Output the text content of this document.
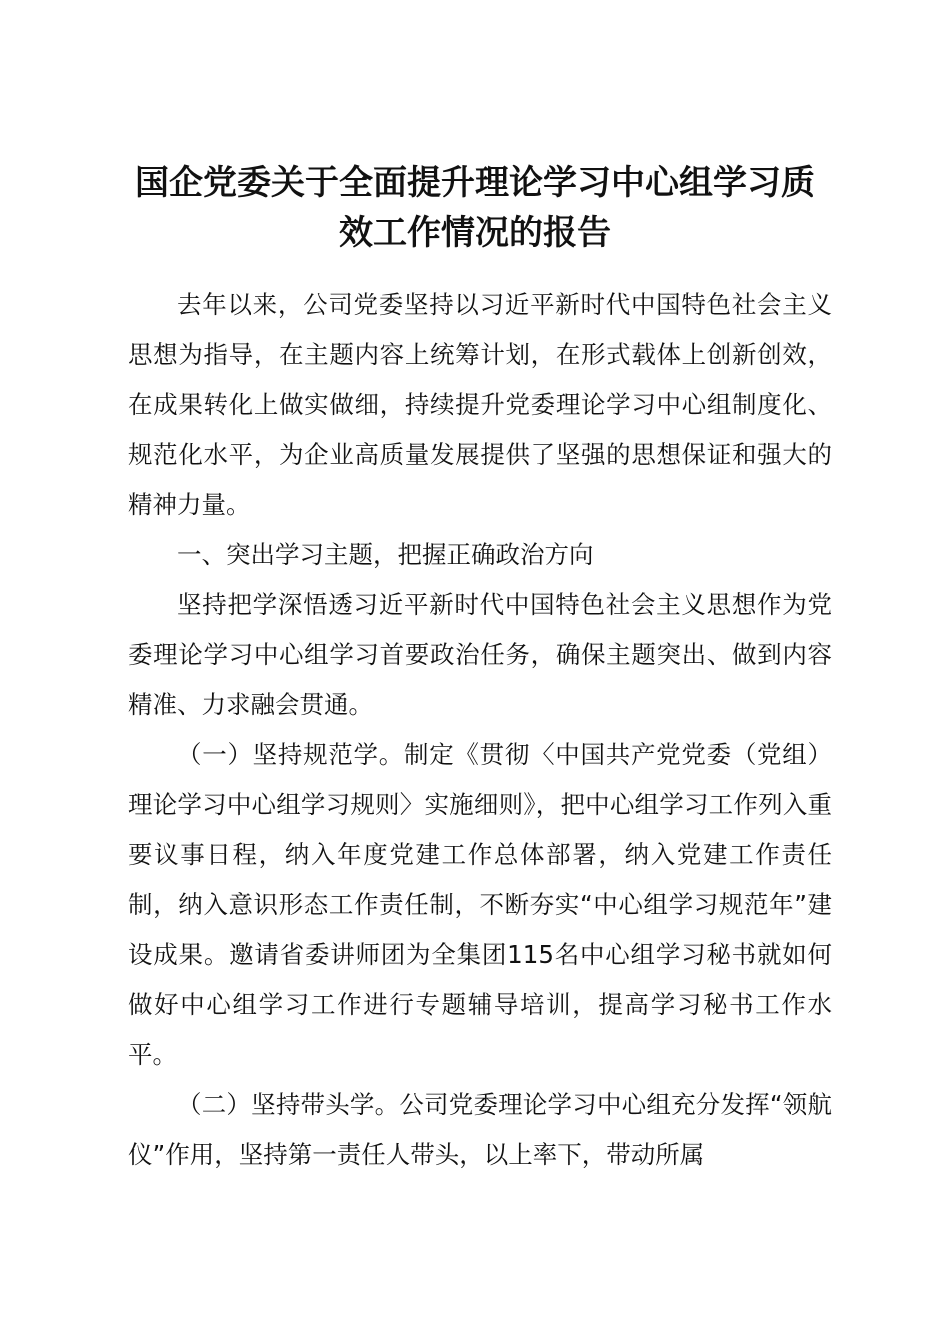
国企党委关于全面提升理论学习中心组学习质
效工作情况的报告

去年以来，公司党委坚持以习近平新时代中国特色社会主义思想为指导，在主题内容上统筹计划，在形式载体上创新创效，在成果转化上做实做细，持续提升党委理论学习中心组制度化、规范化水平，为企业高质量发展提供了坚强的思想保证和强大的精神力量。

一、突出学习主题，把握正确政治方向

坚持把学深悟透习近平新时代中国特色社会主义思想作为党委理论学习中心组学习首要政治任务，确保主题突出、做到内容精准、力求融会贯通。

（一）坚持规范学。制定《贯彻〈中国共产党党委（党组）理论学习中心组学习规则〉实施细则》，把中心组学习工作列入重要议事日程，纳入年度党建工作总体部署，纳入党建工作责任制，纳入意识形态工作责任制，不断夯实“中心组学习规范年”建设成果。邀请省委讲师团为全集团115名中心组学习秘书就如何做好中心组学习工作进行专题辅导培训，提高学习秘书工作水平。

（二）坚持带头学。公司党委理论学习中心组充分发挥“领航仪”作用，坚持第一责任人带头，以上率下，带动所属
